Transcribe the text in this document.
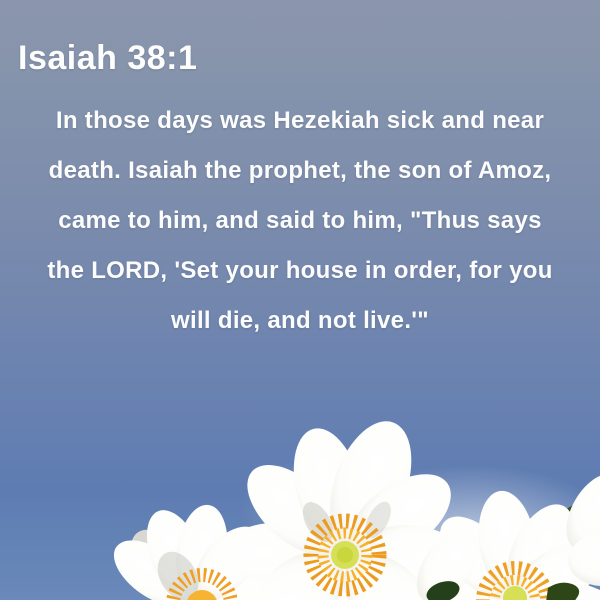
Isaiah 38:1
In those days was Hezekiah sick and near
death. Isaiah the prophet, the son of Amoz,
came to him, and said to him, "Thus says
the LORD, 'Set your house in order, for you
will die, and not live.'"
